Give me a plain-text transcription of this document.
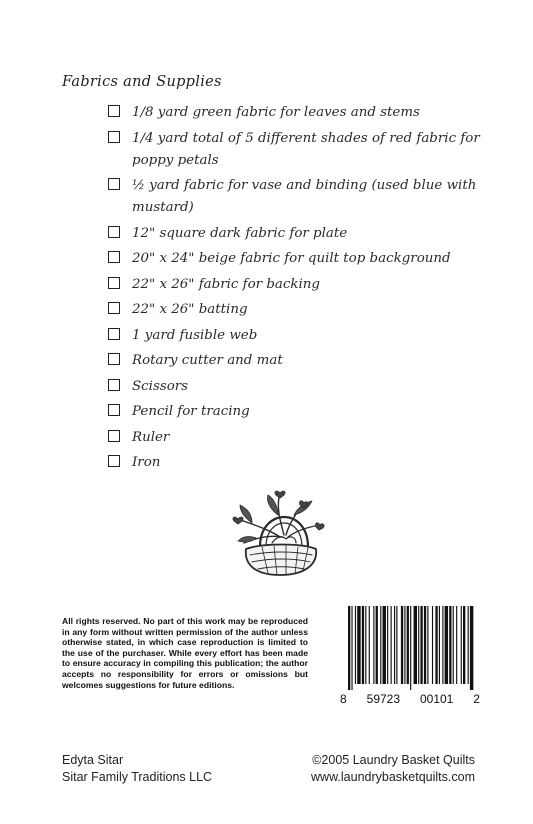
Fabrics and Supplies
1/8 yard green fabric for leaves and stems
1/4 yard total of 5 different shades of red fabric for poppy petals
½ yard fabric for vase and binding (used blue with mustard)
12" square dark fabric for plate
20" x 24" beige fabric for quilt top background
22" x 26" fabric for backing
22" x 26" batting
1 yard fusible web
Rotary cutter and mat
Scissors
Pencil for tracing
Ruler
Iron
All rights reserved. No part of this work may be reproduced in any form without written permission of the author unless otherwise stated, in which case reproduction is limited to the use of the purchaser. While every effort has been made to ensure accuracy in compiling this publication; the author accepts no responsibility for errors or omissions but welcomes suggestions for future editions.
8 59723 00101 2
Edyta Sitar
Sitar Family Traditions LLC
©2005 Laundry Basket Quilts
www.laundrybasketquilts.com
